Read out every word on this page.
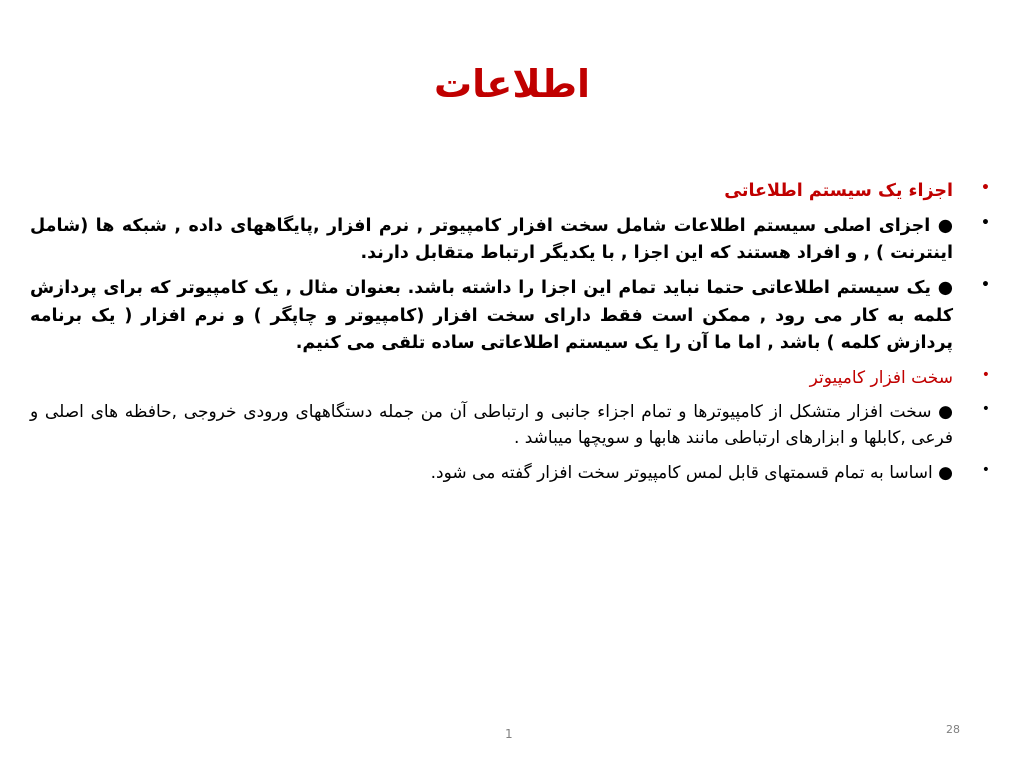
اطلاعات
•
اجزاء یک سیستم اطلاعاتی
•
● اجزای اصلی سیستم اطلاعات شامل سخت افزار کامپیوتر , نرم افزار ,پایگاههای داده , شبکه ها (شامل اینترنت ) , و افراد هستند که این اجزا , با یکدیگر ارتباط متقابل دارند.
•
● یک سیستم اطلاعاتی حتما نباید تمام این اجزا را داشته باشد. بعنوان مثال , یک کامپیوتر که برای پردازش کلمه به کار می رود , ممکن است فقط دارای سخت افزار (کامپیوتر و چاپگر ) و نرم افزار ( یک برنامه پردازش کلمه ) باشد , اما ما آن را یک سیستم اطلاعاتی ساده تلقی می کنیم.
•
سخت افزار کامپیوتر
•
● سخت افزار متشکل از کامپیوترها و تمام اجزاء جانبی و ارتباطی آن من جمله دستگاههای ورودی خروجی ,حافظه های اصلی و فرعی ,کابلها و ابزارهای ارتباطی مانند هابها و سویچها میباشد .
•
● اساسا به تمام قسمتهای قابل لمس کامپیوتر سخت افزار گفته می شود.
1	28
